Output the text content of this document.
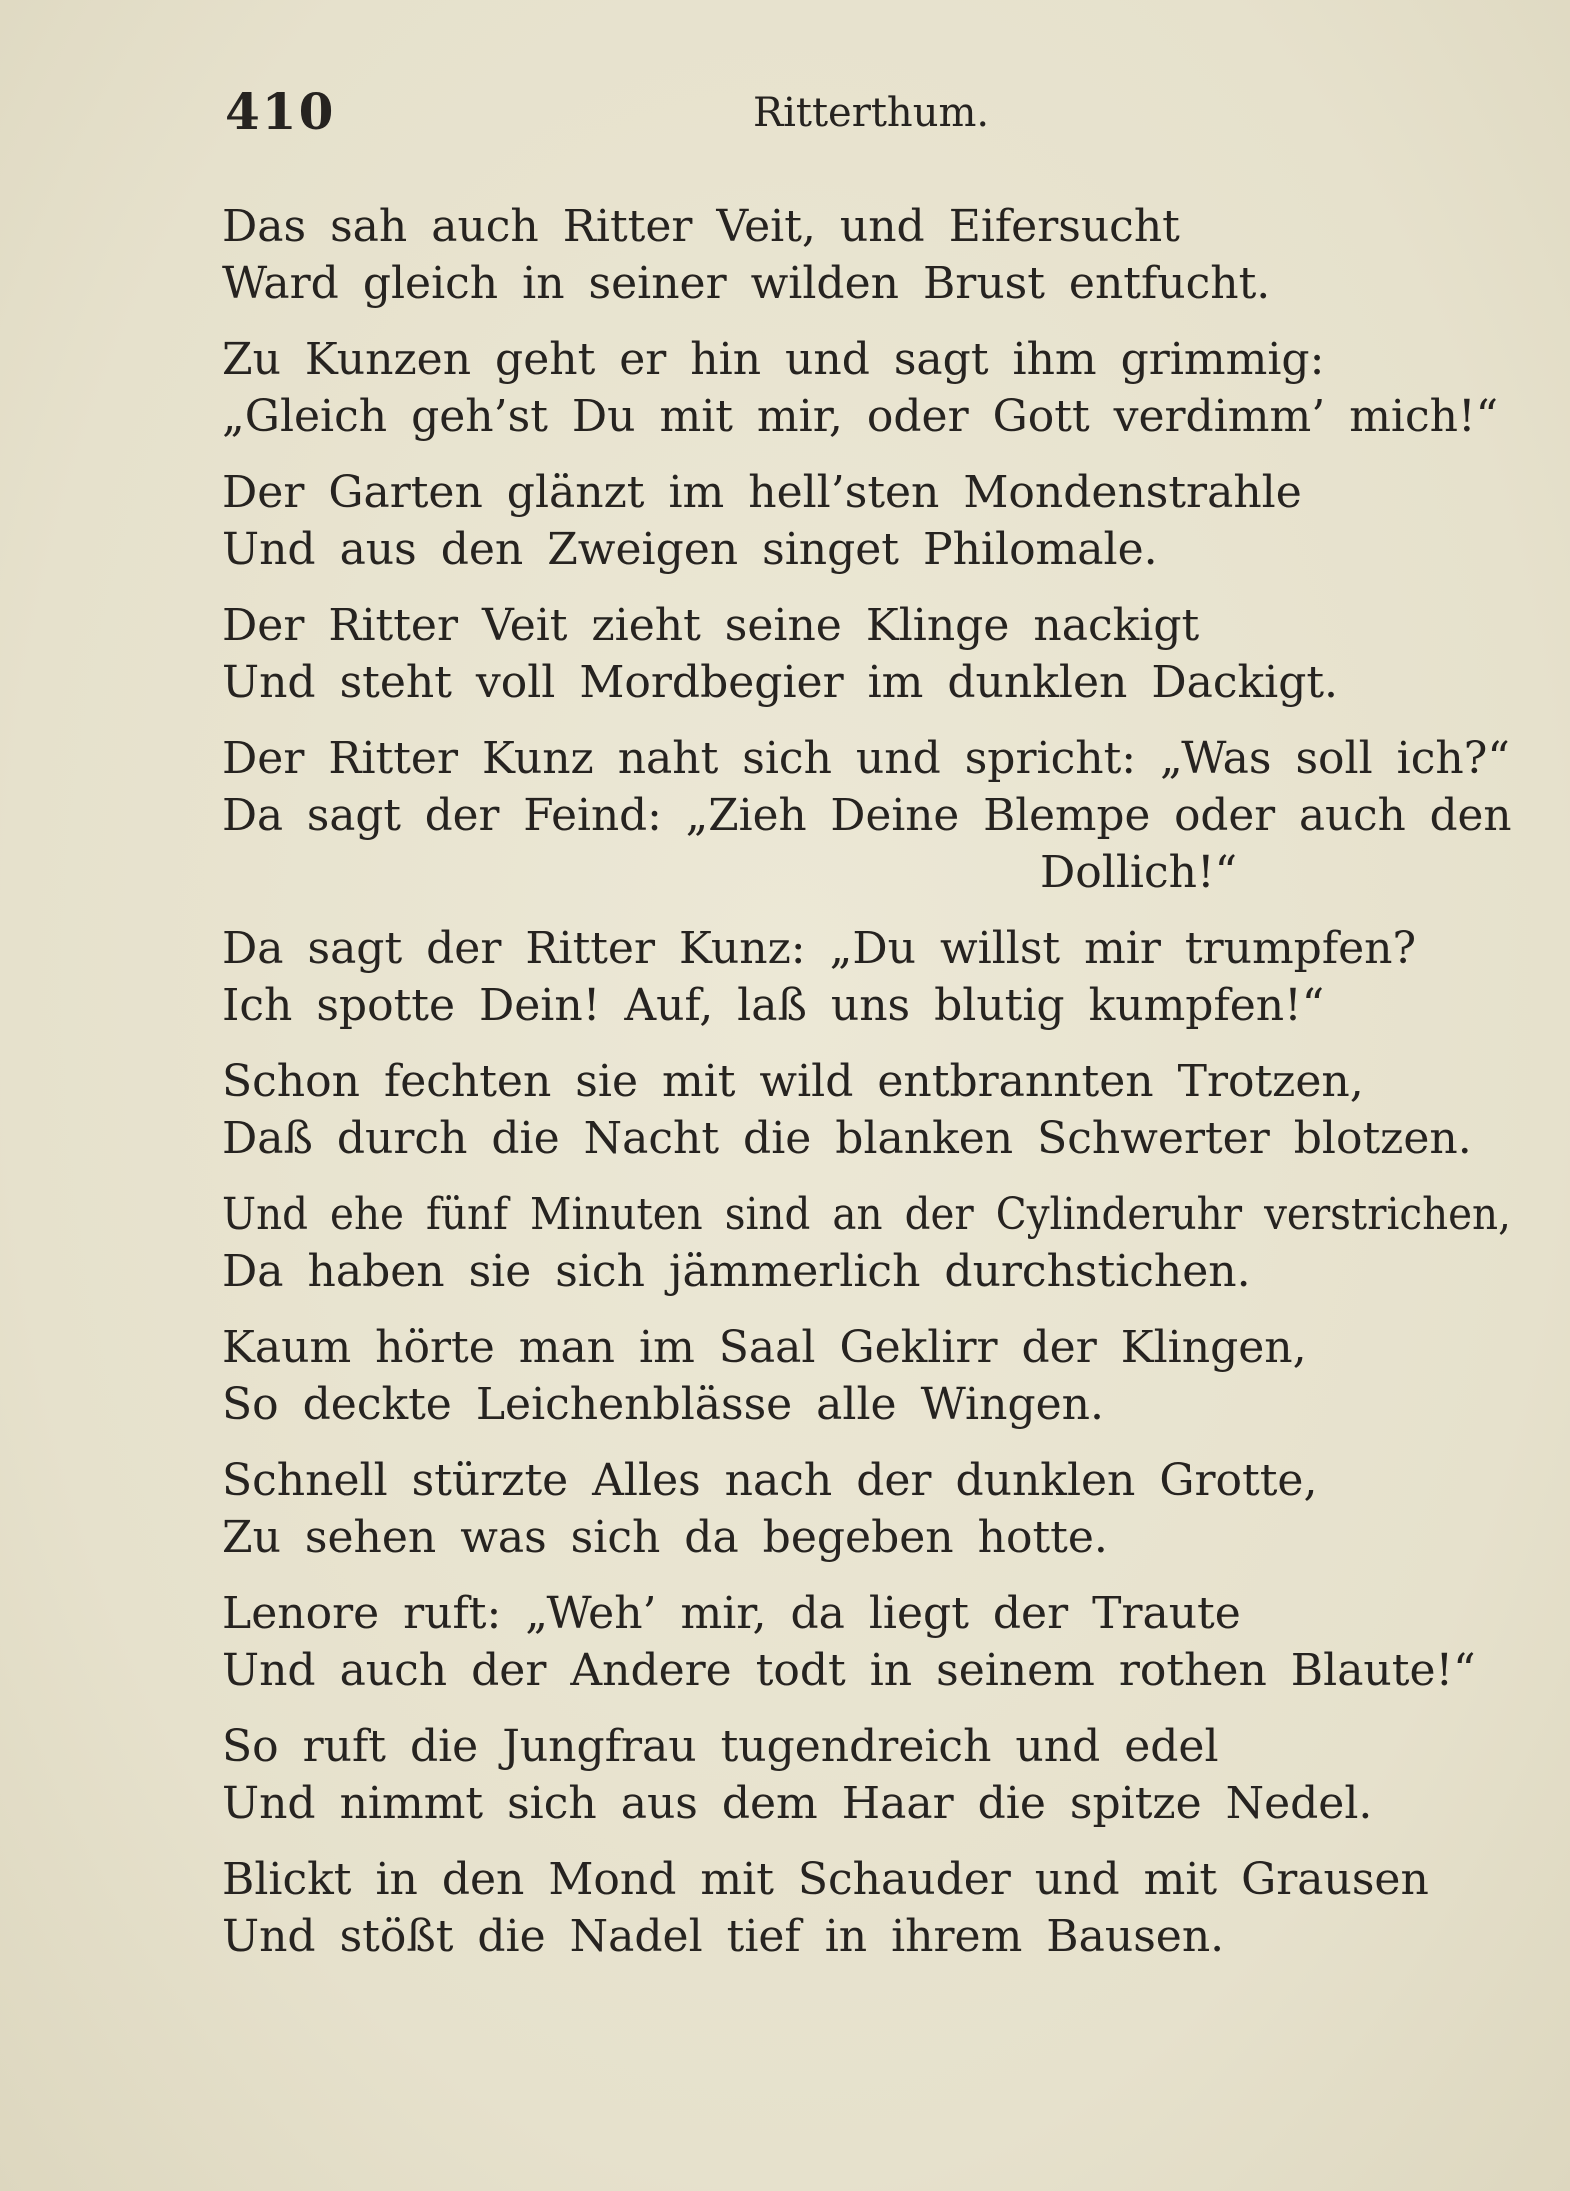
410	Ritterthum.
Das sah auch Ritter Veit, und Eifersucht
Ward gleich in seiner wilden Brust entfucht.
Zu Kunzen geht er hin und sagt ihm grimmig:
„Gleich geh’st Du mit mir, oder Gott verdimm’ mich!“
Der Garten glänzt im hell’sten Mondenstrahle
Und aus den Zweigen singet Philomale.
Der Ritter Veit zieht seine Klinge nackigt
Und steht voll Mordbegier im dunklen Dackigt.
Der Ritter Kunz naht sich und spricht: „Was soll ich?“
Da sagt der Feind: „Zieh Deine Blempe oder auch den
Dollich!“
Da sagt der Ritter Kunz: „Du willst mir trumpfen?
Ich spotte Dein! Auf, laß uns blutig kumpfen!“
Schon fechten sie mit wild entbrannten Trotzen,
Daß durch die Nacht die blanken Schwerter blotzen.
Und ehe fünf Minuten sind an der Cylinderuhr verstrichen,
Da haben sie sich jämmerlich durchstichen.
Kaum hörte man im Saal Geklirr der Klingen,
So deckte Leichenblässe alle Wingen.
Schnell stürzte Alles nach der dunklen Grotte,
Zu sehen was sich da begeben hotte.
Lenore ruft: „Weh’ mir, da liegt der Traute
Und auch der Andere todt in seinem rothen Blaute!“
So ruft die Jungfrau tugendreich und edel
Und nimmt sich aus dem Haar die spitze Nedel.
Blickt in den Mond mit Schauder und mit Grausen
Und stößt die Nadel tief in ihrem Bausen.
